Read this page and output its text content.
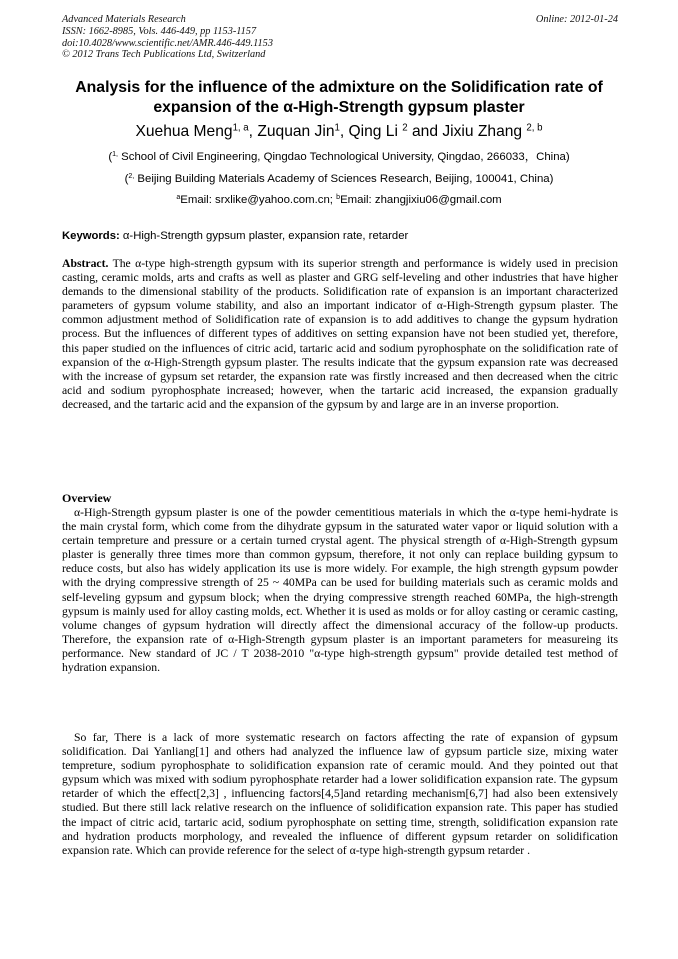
Advanced Materials Research
ISSN: 1662-8985, Vols. 446-449, pp 1153-1157
doi:10.4028/www.scientific.net/AMR.446-449.1153
© 2012 Trans Tech Publications Ltd, Switzerland
Online: 2012-01-24
Analysis for the influence of the admixture on the Solidification rate of expansion of the α-High-Strength gypsum plaster
Xuehua Meng$^{1, a}$, Zuquan Jin$^1$, Qing Li $^2$ and Jixiu Zhang $^{2, b}$
($^{1,}$ School of Civil Engineering, Qingdao Technological University, Qingdao, 266033，China)
($^{2,}$ Beijing Building Materials Academy of Sciences Research, Beijing, 100041, China)
$^a$Email: srxlike@yahoo.com.cn; $^b$Email: zhangjixiu06@gmail.com
Keywords: α-High-Strength gypsum plaster, expansion rate, retarder
Abstract. The α-type high-strength gypsum with its superior strength and performance is widely used in precision casting, ceramic molds, arts and crafts as well as plaster and GRG self-leveling and other industries that have higher demands to the dimensional stability of the products. Solidification rate of expansion is an important characterized parameters of gypsum volume stability, and also an important indicator of α-High-Strength gypsum plaster. The common adjustment method of Solidification rate of expansion is to add additives to change the gypsum hydration process. But the influences of different types of additives on setting expansion have not been studied yet, therefore, this paper studied on the influences of citric acid, tartaric acid and sodium pyrophosphate on the solidification rate of expansion of the α-High-Strength gypsum plaster. The results indicate that the gypsum expansion rate was decreased with the increase of gypsum set retarder, the expansion rate was firstly increased and then decreased when the citric acid and sodium pyrophosphate increased; however, when the tartaric acid increased, the expansion gradually decreased, and the tartaric acid and the expansion of the gypsum by and large are in an inverse proportion.
Overview
α-High-Strength gypsum plaster is one of the powder cementitious materials in which the α-type hemi-hydrate is the main crystal form, which come from the dihydrate gypsum in the saturated water vapor or liquid solution with a certain tempreture and pressure or a certain turned crystal agent. The physical strength of α-High-Strength gypsum plaster is generally three times more than common gypsum, therefore, it not only can replace building gypsum to reduce costs, but also has widely application its use is more widely. For example, the high strength gypsum powder with the drying compressive strength of 25 ~ 40MPa can be used for building materials such as ceramic molds and self-leveling gypsum and gypsum block; when the drying compressive strength reached 60MPa, the high-strength gypsum is mainly used for alloy casting molds, ect. Whether it is used as molds or for alloy casting or ceramic casting, volume changes of gypsum hydration will directly affect the dimensional accuracy of the follow-up products. Therefore, the expansion rate of α-High-Strength gypsum plaster is an important parameters for measureing its performance. New standard of JC / T 2038-2010 "α-type high-strength gypsum" provide detailed test method of hydration expansion.
So far, There is a lack of more systematic research on factors affecting the rate of expansion of gypsum solidification. Dai Yanliang[1] and others had analyzed the influence law of gypsum particle size, mixing water tempreture, sodium pyrophosphate to solidification expansion rate of ceramic mould. And they pointed out that gypsum which was mixed with sodium pyrophosphate retarder had a lower solidification expansion rate. The gypsum retarder of which the effect[2,3] , influencing factors[4,5]and retarding mechanism[6,7] had also been extensively studied. But there still lack relative research on the influence of solidification expansion rate. This paper has studied the impact of citric acid, tartaric acid, sodium pyrophosphate on setting time, strength, solidification expansion rate and hydration products morphology, and revealed the influence of different gypsum retarder on solidification expansion rate. Which can provide reference for the select of α-type high-strength gypsum retarder .
